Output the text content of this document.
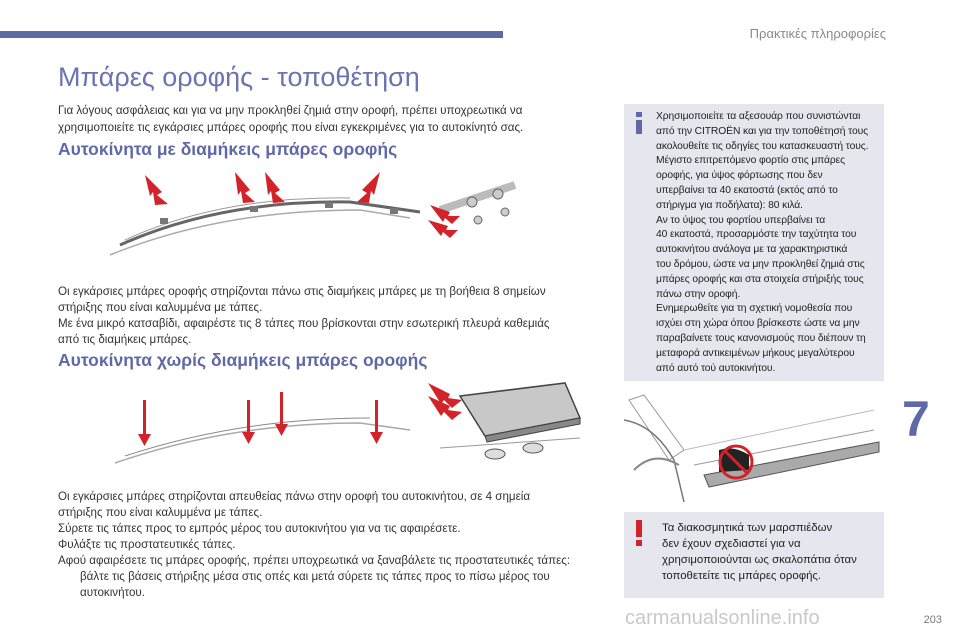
Πρακτικές πληροφορίες
Μπάρες οροφής - τοποθέτηση
Για λόγους ασφάλειας και για να μην προκληθεί ζημιά στην οροφή, πρέπει υποχρεωτικά να
χρησιμοποιείτε τις εγκάρσιες μπάρες οροφής που είναι εγκεκριμένες για το αυτοκίνητό σας.
Αυτοκίνητα με διαμήκεις μπάρες οροφής
Οι εγκάρσιες μπάρες οροφής στηρίζονται πάνω στις διαμήκεις μπάρες με τη βοήθεια 8 σημείων
στήριξης που είναι καλυμμένα με τάπες.
Με ένα μικρό κατσαβίδι, αφαιρέστε τις 8 τάπες που βρίσκονται στην εσωτερική πλευρά καθεμιάς
από τις διαμήκεις μπάρες.
Αυτοκίνητα χωρίς διαμήκεις μπάρες οροφής
Οι εγκάρσιες μπάρες στηρίζονται απευθείας πάνω στην οροφή του αυτοκινήτου, σε 4 σημεία
στήριξης που είναι καλυμμένα με τάπες.
Σύρετε τις τάπες προς το εμπρός μέρος του αυτοκινήτου για να τις αφαιρέσετε.
Φυλάξτε τις προστατευτικές τάπες.
Αφού αφαιρέσετε τις μπάρες οροφής, πρέπει υποχρεωτικά να ξαναβάλετε τις προστατευτικές τάπες:
βάλτε τις βάσεις στήριξης μέσα στις οπές και μετά σύρετε τις τάπες προς το πίσω μέρος του
αυτοκινήτου.
Χρησιμοποιείτε τα αξεσουάρ που συνιστώνται
από την CITROËN και για την τοποθέτησή τους
ακολουθείτε τις οδηγίες του κατασκευαστή τους.
Μέγιστο επιτρεπόμενο φορτίο στις μπάρες
οροφής, για ύψος φόρτωσης που δεν
υπερβαίνει τα 40 εκατοστά (εκτός από το
στήριγμα για ποδήλατα): 80 κιλά.
Αν το ύψος του φορτίου υπερβαίνει τα
40 εκατοστά, προσαρμόστε την ταχύτητα του
αυτοκινήτου ανάλογα με τα χαρακτηριστικά
του δρόμου, ώστε να μην προκληθεί ζημιά στις
μπάρες οροφής και στα στοιχεία στήριξής τους
πάνω στην οροφή.
Ενημερωθείτε για τη σχετική νομοθεσία που
ισχύει στη χώρα όπου βρίσκεστε ώστε να μην
παραβαίνετε τους κανονισμούς που διέπουν τη
μεταφορά αντικειμένων μήκους μεγαλύτερου
από αυτό τού αυτοκινήτου.
Τα διακοσμητικά των μαρσπιέδων
δεν έχουν σχεδιαστεί για να
χρησιμοποιούνται ως σκαλοπάτια όταν
τοποθετείτε τις μπάρες οροφής.
7
carmanualsonline.info	203
